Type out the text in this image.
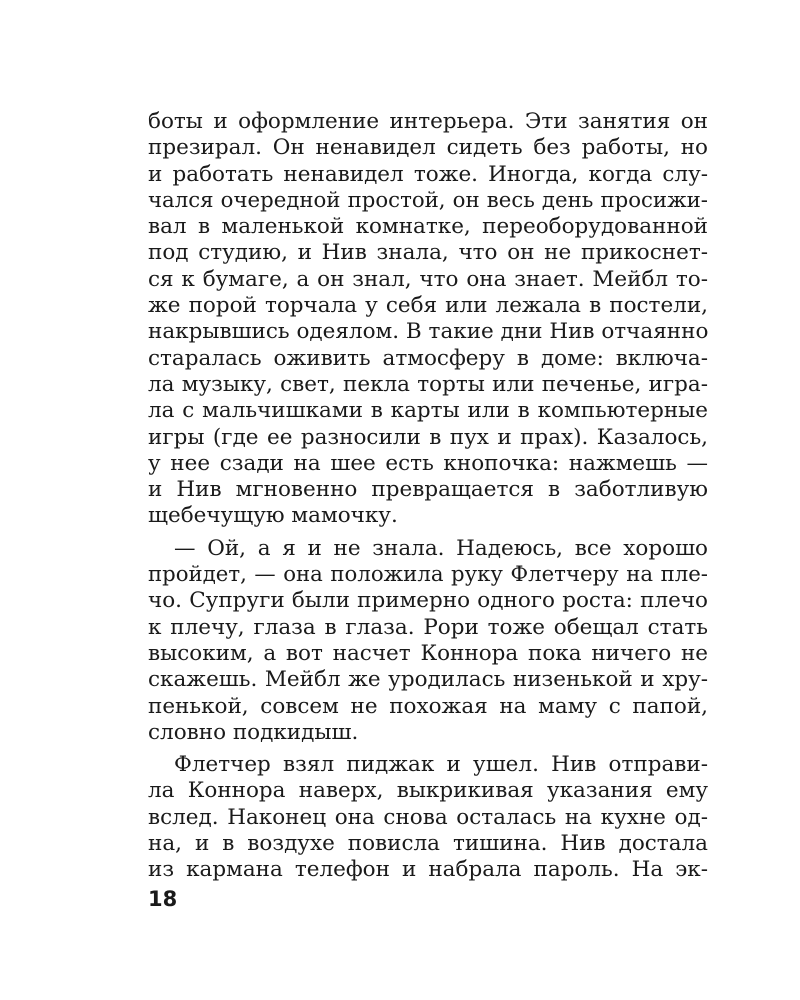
боты и оформление интерьера. Эти занятия он
презирал. Он ненавидел сидеть без работы, но
и работать ненавидел тоже. Иногда, когда слу-
чался очередной простой, он весь день просижи-
вал в маленькой комнатке, переоборудованной
под студию, и Нив знала, что он не прикоснет-
ся к бумаге, а он знал, что она знает. Мейбл то-
же порой торчала у себя или лежала в постели,
накрывшись одеялом. В такие дни Нив отчаянно
старалась оживить атмосферу в доме: включа-
ла музыку, свет, пекла торты или печенье, игра-
ла с мальчишками в карты или в компьютерные
игры (где ее разносили в пух и прах). Казалось,
у нее сзади на шее есть кнопочка: нажмешь —
и Нив мгновенно превращается в заботливую
щебечущую мамочку.
— Ой, а я и не знала. Надеюсь, все хорошо
пройдет, — она положила руку Флетчеру на пле-
чо. Супруги были примерно одного роста: плечо
к плечу, глаза в глаза. Рори тоже обещал стать
высоким, а вот насчет Коннора пока ничего не
скажешь. Мейбл же уродилась низенькой и хру-
пенькой, совсем не похожая на маму с папой,
словно подкидыш.
Флетчер взял пиджак и ушел. Нив отправи-
ла Коннора наверх, выкрикивая указания ему
вслед. Наконец она снова осталась на кухне од-
на, и в воздухе повисла тишина. Нив достала
из кармана телефон и набрала пароль. На эк-
18
